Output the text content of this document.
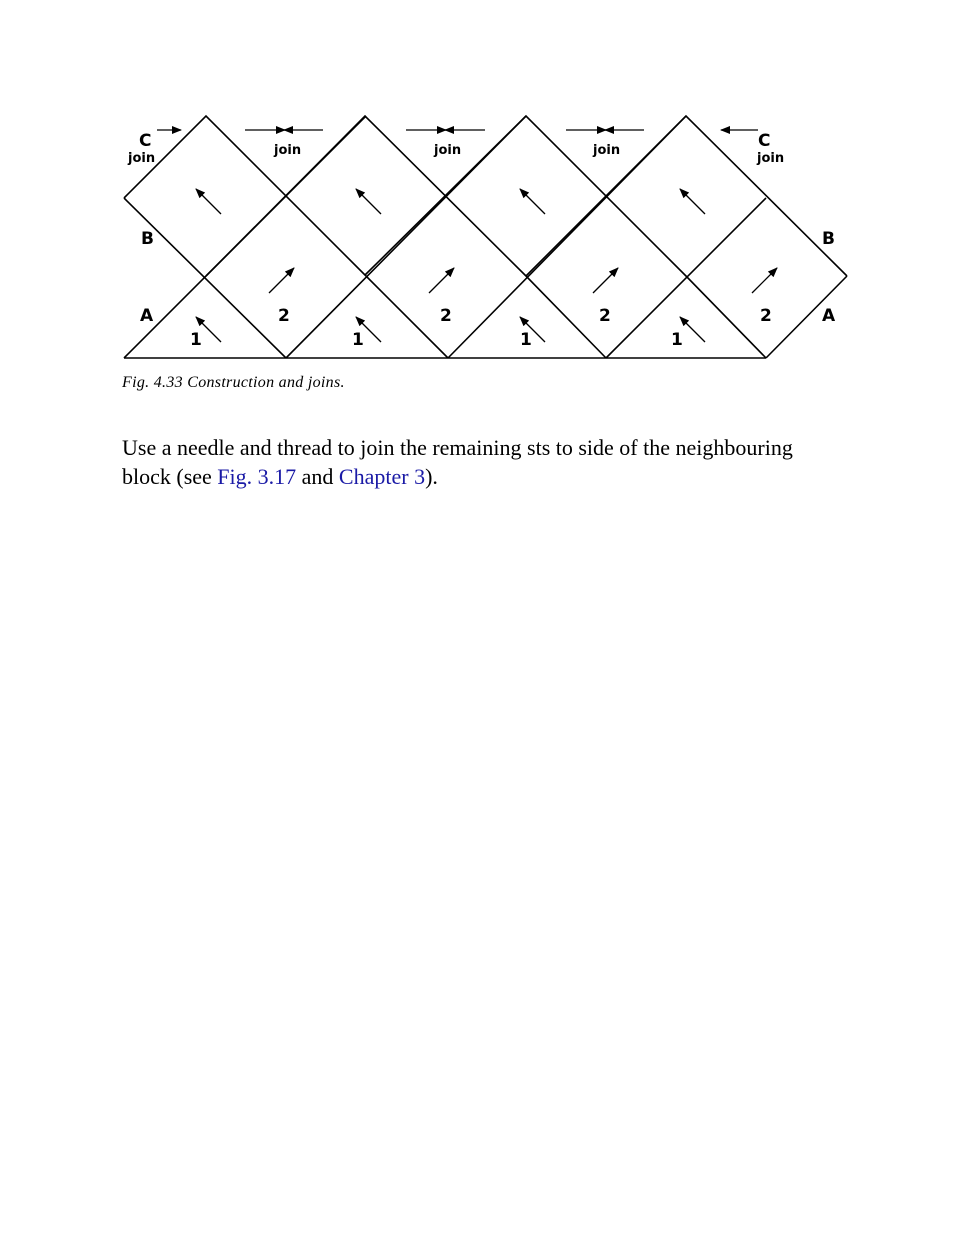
C
join
join	join	join	C
join
B	B
A	A
2	2	2	2
1	1	1	1
Fig. 4.33 Construction and joins.

Use a needle and thread to join the remaining sts to side of the neighbouring block (see Fig. 3.17 and Chapter 3).
